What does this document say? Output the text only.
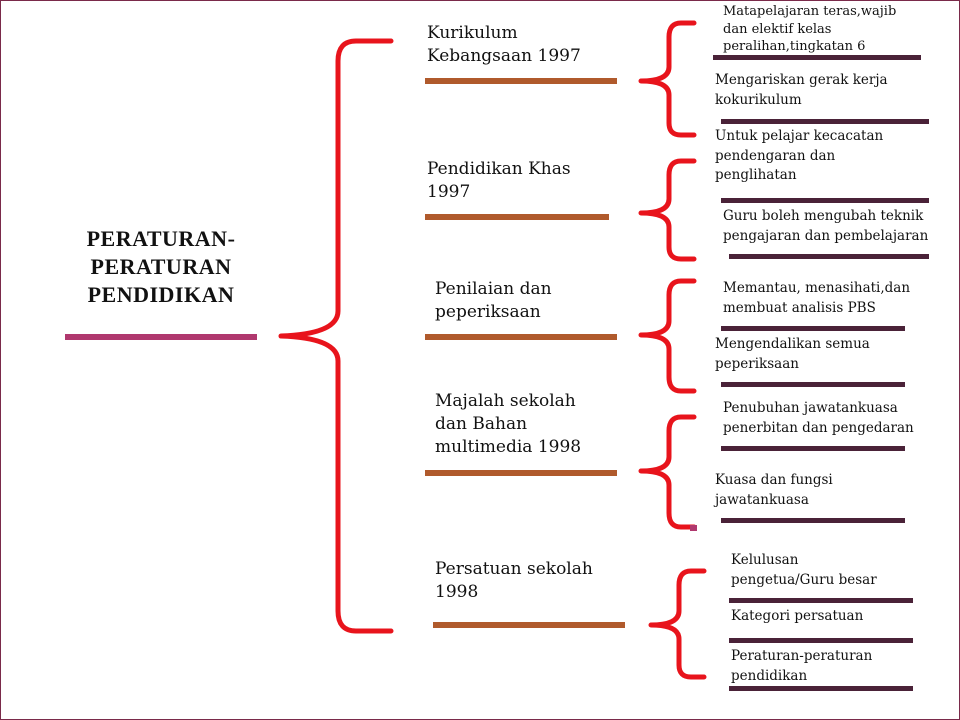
PERATURAN-
PERATURAN
PENDIDIKAN
Kurikulum
Kebangsaan 1997
Pendidikan Khas
1997
Penilaian dan
peperiksaan
Majalah sekolah
dan Bahan
multimedia 1998
Persatuan sekolah
1998
Matapelajaran teras,wajib
dan elektif kelas
peralihan,tingkatan 6
Mengariskan gerak kerja
kokurikulum
Untuk pelajar kecacatan
pendengaran dan
penglihatan
Guru boleh mengubah teknik
pengajaran dan pembelajaran
Memantau, menasihati,dan
membuat analisis PBS
Mengendalikan semua
peperiksaan
Penubuhan jawatankuasa
penerbitan dan pengedaran
Kuasa dan fungsi
jawatankuasa
Kelulusan
pengetua/Guru besar
Kategori persatuan
Peraturan-peraturan
pendidikan
